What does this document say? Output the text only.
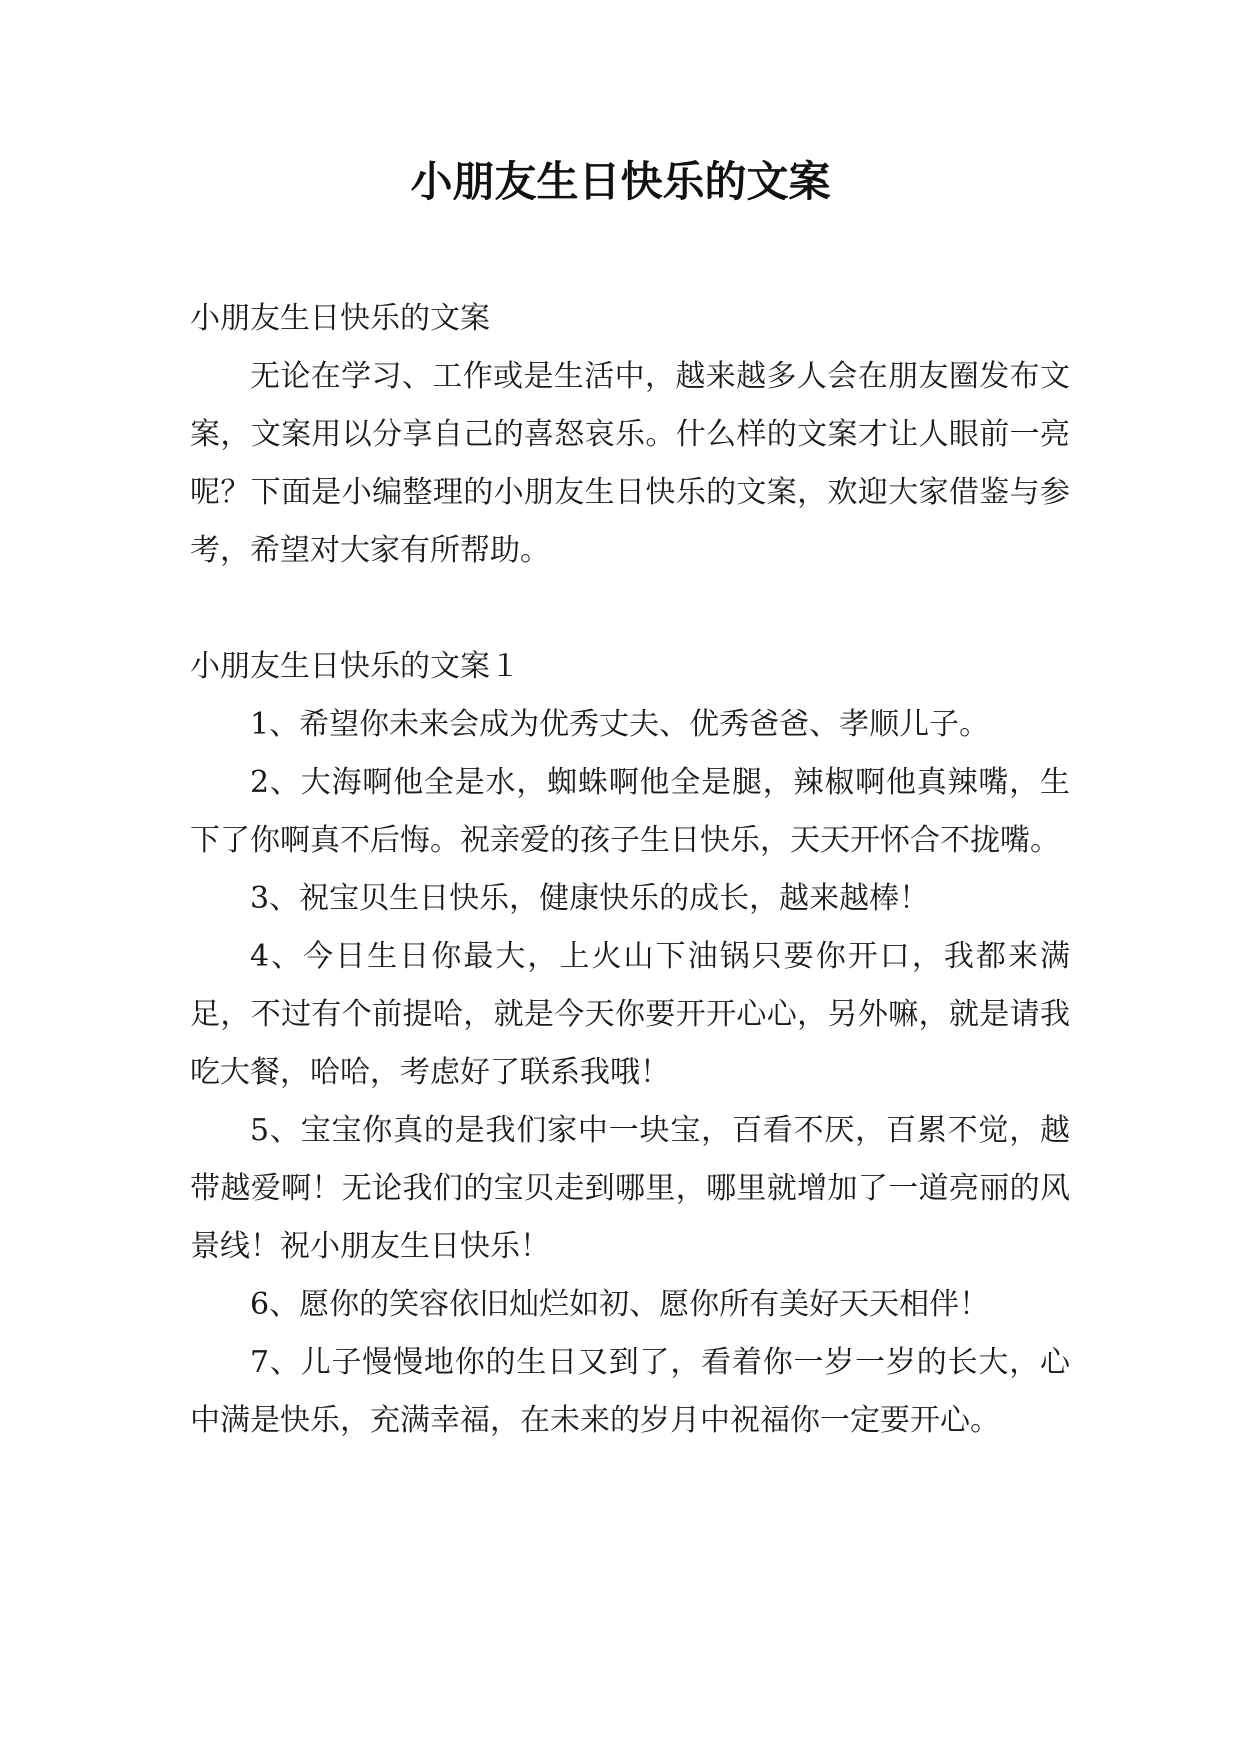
小朋友生日快乐的文案

小朋友生日快乐的文案

无论在学习、工作或是生活中，越来越多人会在朋友圈发布文案，文案用以分享自己的喜怒哀乐。什么样的文案才让人眼前一亮呢？下面是小编整理的小朋友生日快乐的文案，欢迎大家借鉴与参考，希望对大家有所帮助。

小朋友生日快乐的文案１

1、希望你未来会成为优秀丈夫、优秀爸爸、孝顺儿子。
2、大海啊他全是水，蜘蛛啊他全是腿，辣椒啊他真辣嘴，生下了你啊真不后悔。祝亲爱的孩子生日快乐，天天开怀合不拢嘴。
3、祝宝贝生日快乐，健康快乐的成长，越来越棒！
4、今日生日你最大，上火山下油锅只要你开口，我都来满足，不过有个前提哈，就是今天你要开开心心，另外嘛，就是请我吃大餐，哈哈，考虑好了联系我哦！
5、宝宝你真的是我们家中一块宝，百看不厌，百累不觉，越带越爱啊！无论我们的宝贝走到哪里，哪里就增加了一道亮丽的风景线！祝小朋友生日快乐！
6、愿你的笑容依旧灿烂如初、愿你所有美好天天相伴！
7、儿子慢慢地你的生日又到了，看着你一岁一岁的长大，心中满是快乐，充满幸福，在未来的岁月中祝福你一定要开心。
